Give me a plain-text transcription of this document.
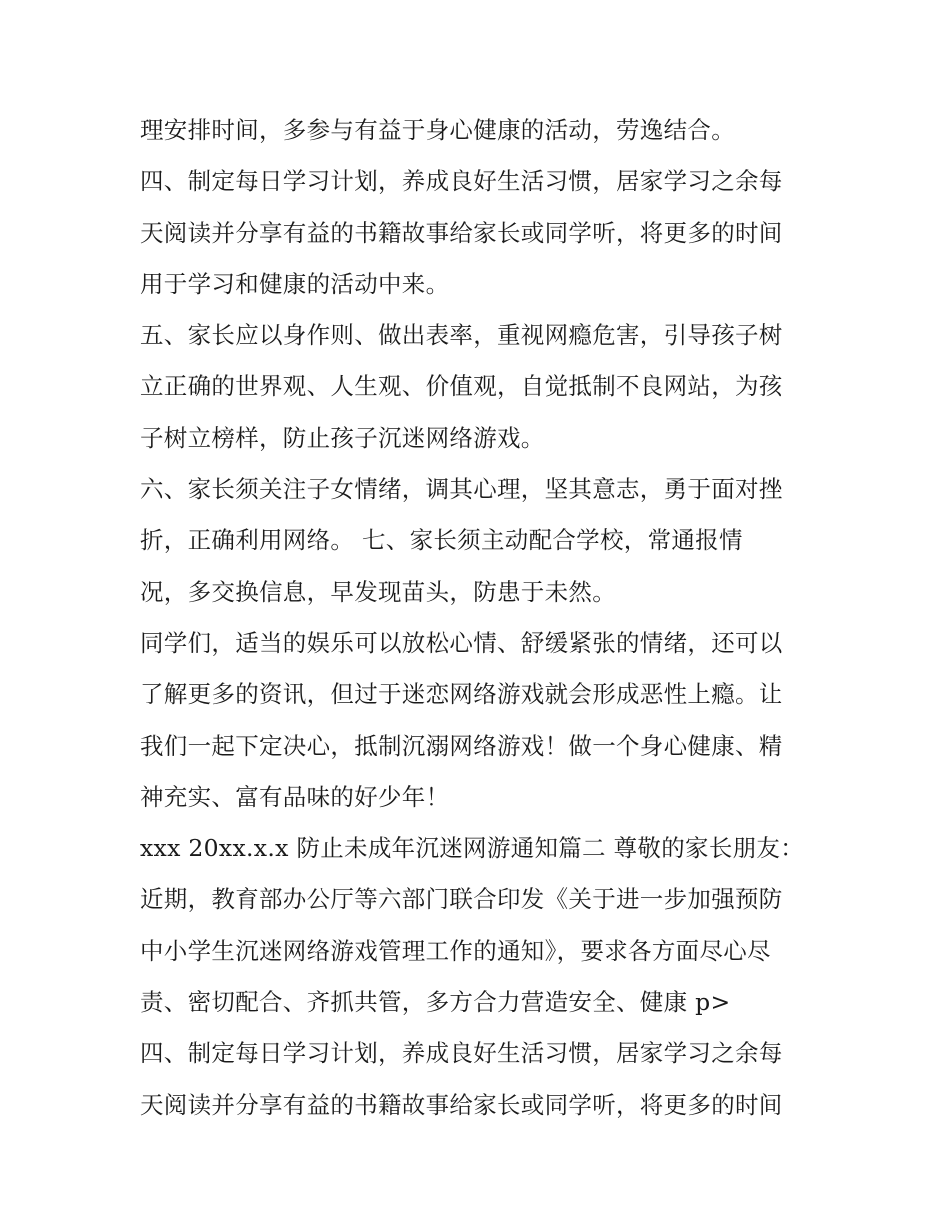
理安排时间，多参与有益于身心健康的活动，劳逸结合。
四、制定每日学习计划，养成良好生活习惯，居家学习之余每
天阅读并分享有益的书籍故事给家长或同学听，将更多的时间
用于学习和健康的活动中来。
五、家长应以身作则、做出表率，重视网瘾危害，引导孩子树
立正确的世界观、人生观、价值观，自觉抵制不良网站，为孩
子树立榜样，防止孩子沉迷网络游戏。
六、家长须关注子女情绪，调其心理，坚其意志，勇于面对挫
折，正确利用网络。 七、家长须主动配合学校，常通报情
况，多交换信息，早发现苗头，防患于未然。
同学们，适当的娱乐可以放松心情、舒缓紧张的情绪，还可以
了解更多的资讯，但过于迷恋网络游戏就会形成恶性上瘾。让
我们一起下定决心，抵制沉溺网络游戏！做一个身心健康、精
神充实、富有品味的好少年！
xxx 20xx.x.x 防止未成年沉迷网游通知篇二 尊敬的家长朋友：
近期，教育部办公厅等六部门联合印发《关于进一步加强预防
中小学生沉迷网络游戏管理工作的通知》，要求各方面尽心尽
责、密切配合、齐抓共管，多方合力营造安全、健康 p>
四、制定每日学习计划，养成良好生活习惯，居家学习之余每
天阅读并分享有益的书籍故事给家长或同学听，将更多的时间
